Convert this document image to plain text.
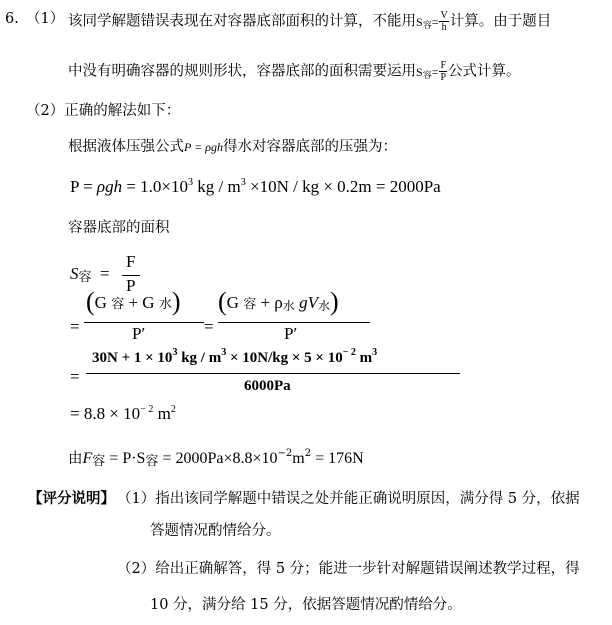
6. （1） 该同学解题错误表现在对容器底部面积的计算，不能用$S_容= \frac{V}{h}$ 计算。由于题目
中没有明确容器的规则形状，容器底部的面积需要运用$S_容= \frac{F}{P}$ 公式计算。
（2）正确的解法如下：
根据液体压强公式P = ρgh得水对容器底部的压强为：
$P = \rho gh = 1.0\times 10^3$ kg / $m^3 \times 10N$ / kg × 0.2m = 2000Pa
容器底部的面积
S容  =
F
P
=
(G 容 + G 水)
P′	=
(G 容 + ρ水 gV水)
P′
=
$30N + 1 \times 10^3$ kg / $m^3 \times 10N/kg \times 5 \times 10^{- 2}$ $m^3$
6000Pa
= $8.8 \times 10^{- 2}$ $m^2$
由F容 = P·S容 = $2000Pa\times 8.8\times 10^{-2}m^2 = 176N$
【评分说明】 （1）指出该同学解题中错误之处并能正确说明原因，满分得 5 分，依据
答题情况酌情给分。
（2）给出正确解答，得 5 分；能进一步针对解题错误阐述教学过程，得
10 分，满分给 15 分，依据答题情况酌情给分。
